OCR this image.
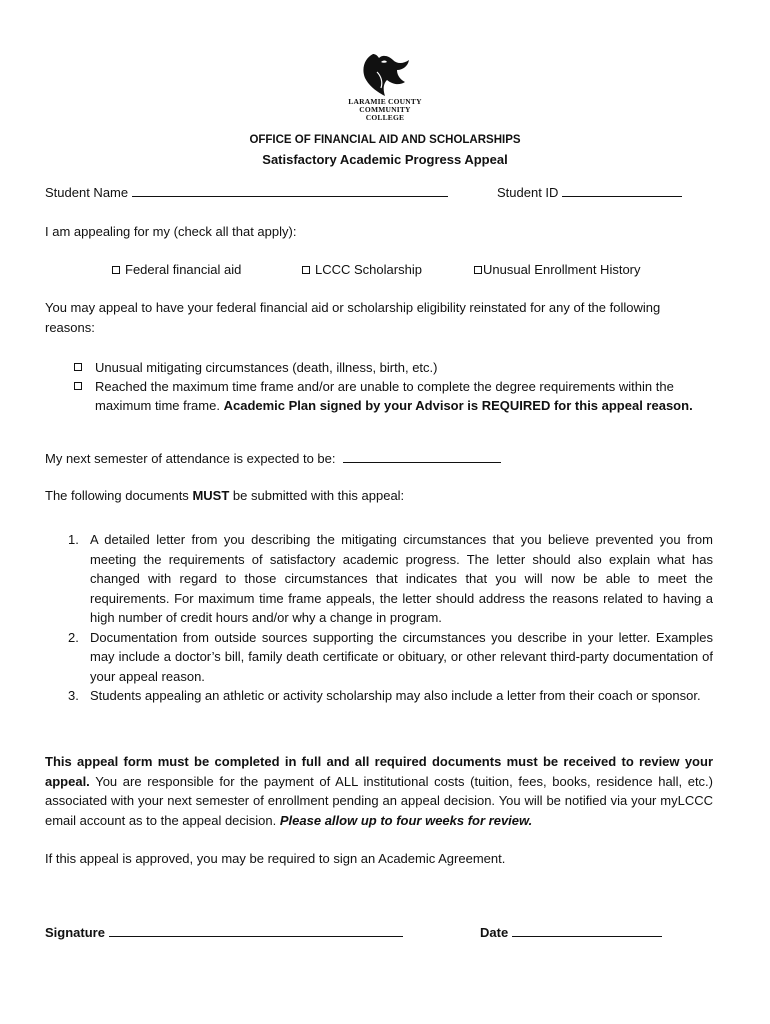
LARAMIE COUNTY
COMMUNITY COLLEGE
OFFICE OF FINANCIAL AID AND SCHOLARSHIPS
Satisfactory Academic Progress Appeal
Student Name	Student ID
I am appealing for my (check all that apply):
Federal financial aid	LCCC Scholarship	Unusual Enrollment History
You may appeal to have your federal financial aid or scholarship eligibility reinstated for any of the following reasons:
Unusual mitigating circumstances (death, illness, birth, etc.)
Reached the maximum time frame and/or are unable to complete the degree requirements within the maximum time frame. Academic Plan signed by your Advisor is REQUIRED for this appeal reason.
My next semester of attendance is expected to be:
The following documents MUST be submitted with this appeal:
1. A detailed letter from you describing the mitigating circumstances that you believe prevented you from meeting the requirements of satisfactory academic progress. The letter should also explain what has changed with regard to those circumstances that indicates that you will now be able to meet the requirements. For maximum time frame appeals, the letter should address the reasons related to having a high number of credit hours and/or why a change in program.
2. Documentation from outside sources supporting the circumstances you describe in your letter. Examples may include a doctor’s bill, family death certificate or obituary, or other relevant third-party documentation of your appeal reason.
3. Students appealing an athletic or activity scholarship may also include a letter from their coach or sponsor.
This appeal form must be completed in full and all required documents must be received to review your appeal. You are responsible for the payment of ALL institutional costs (tuition, fees, books, residence hall, etc.) associated with your next semester of enrollment pending an appeal decision. You will be notified via your myLCCC email account as to the appeal decision. Please allow up to four weeks for review.
If this appeal is approved, you may be required to sign an Academic Agreement.
Signature	Date
